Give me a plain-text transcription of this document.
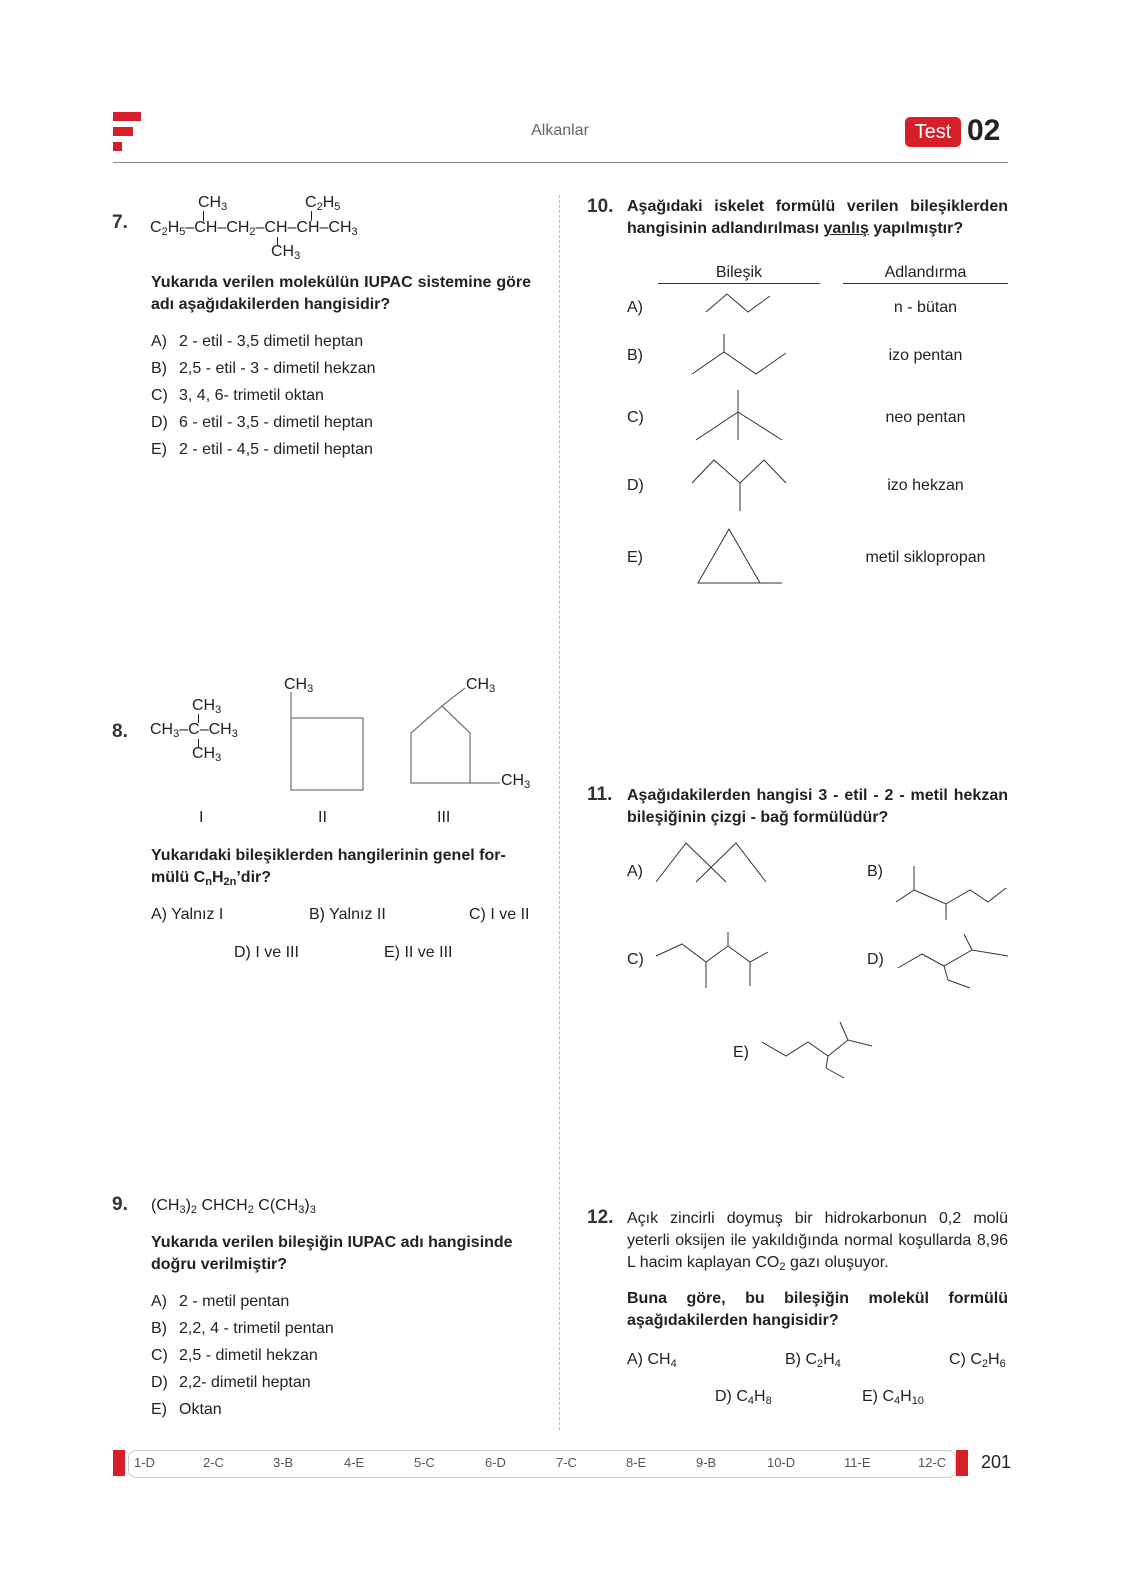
Alkanlar	Test 02
7.
$CH_3$	$C_2H_5$
$C_2H_5-CH-CH_2-CH-CH-CH_3$
$CH_3$
Yukarıda verilen molekülün IUPAC sistemine göre adı aşağıdakilerden hangisidir?
A) 2 - etil - 3,5 dimetil heptan
B) 2,5 - etil - 3 - dimetil hekzan
C) 3, 4, 6- trimetil oktan
D) 6 - etil - 3,5 - dimetil heptan
E) 2 - etil - 4,5 - dimetil heptan
8.
$CH_3$
$CH_3-C-CH_3$
$CH_3$
$CH_3$	$CH_3$
$CH_3$
I	II	III
Yukarıdaki bileşiklerden hangilerinin genel for-
mülü $C_nH_{2n}’dir$?
A) Yalnız I	B) Yalnız II	C) I ve II
D) I ve III	E) II ve III
9. $(CH_3)_2$ $CHCH_2$ $C(CH_3)_3$
Yukarıda verilen bileşiğin IUPAC adı hangisinde doğru verilmiştir?
A) 2 - metil pentan
B) 2,2, 4 - trimetil pentan
C) 2,5 - dimetil hekzan
D) 2,2- dimetil heptan
E) Oktan
10. Aşağıdaki iskelet formülü verilen bileşiklerden hangisinin adlandırılması yanlış yapılmıştır?
Bileşik	Adlandırma
A)	n - bütan
B)	izo pentan
C)	neo pentan
D)	izo hekzan
E)	metil siklopropan
11. Aşağıdakilerden hangisi 3 - etil - 2 - metil hekzan bileşiğinin çizgi - bağ formülüdür?
A)	B)
C)	D)
E)
12. Açık zincirli doymuş bir hidrokarbonun 0,2 molü yeterli oksijen ile yakıldığında normal koşullarda 8,96 L hacim kaplayan $CO_2$ gazı oluşuyor.
Buna göre, bu bileşiğin molekül formülü aşağıdakilerden hangisidir?
A) $CH_4$	B) $C_2H_4$	C) $C_2H_6$
D) $C_4H_8$	E) $C_4H_{10}$
1-D	2-C	3-B	4-E	5-C	6-D	7-C	8-E	9-B	10-D	11-E	12-C 201
